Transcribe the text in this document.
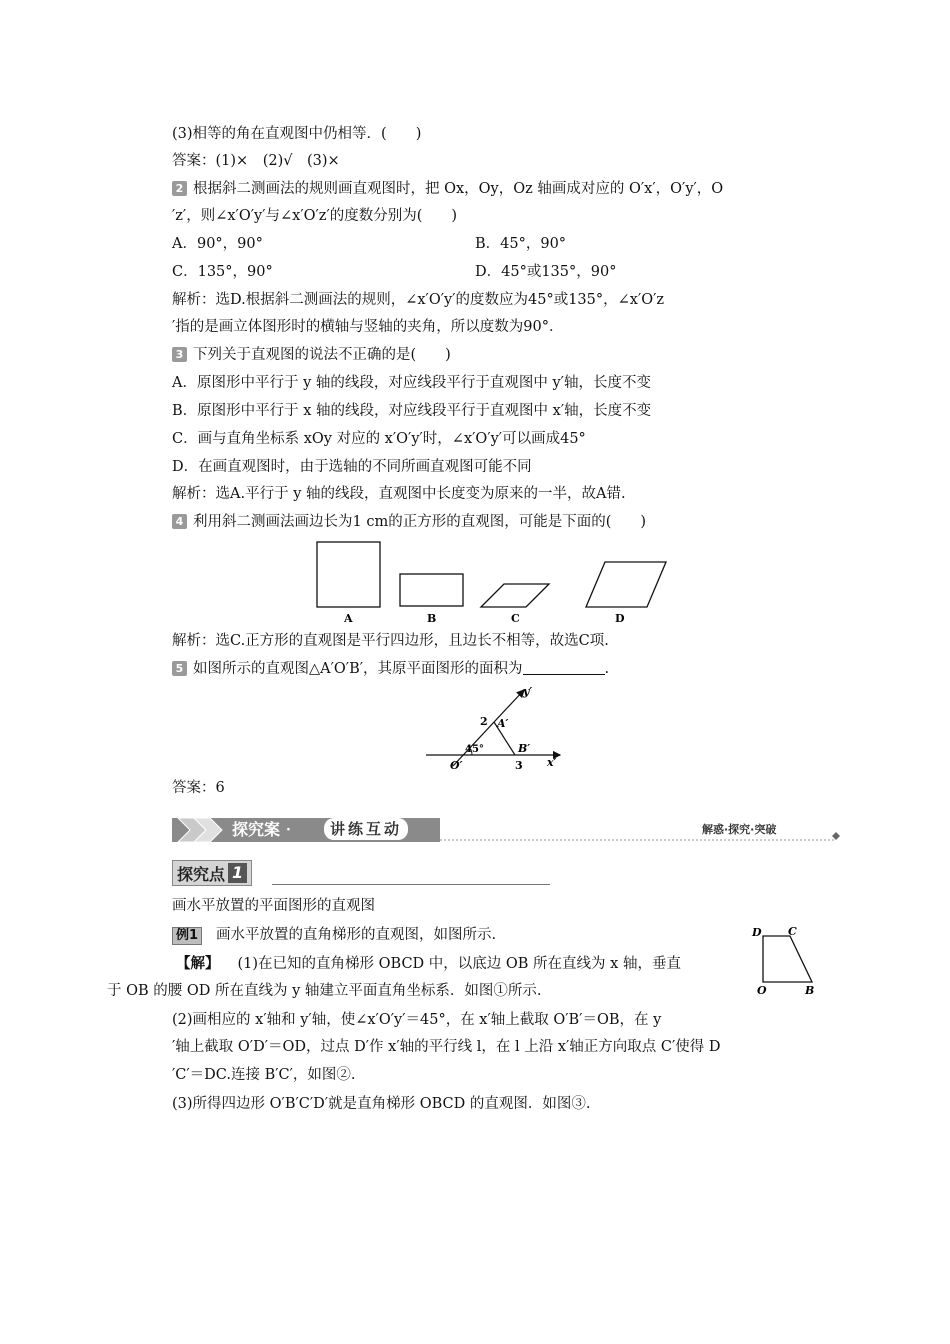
(3)相等的角在直观图中仍相等．(　　)
答案：(1)×　(2)√　(3)×
2 根据斜二测画法的规则画直观图时，把 Ox，Oy，Oz 轴画成对应的 O′x′，O′y′，O
′z′，则∠x′O′y′与∠x′O′z′的度数分别为(　　)
A．90°，90°	B．45°，90°
C．135°，90°	D．45°或135°，90°
解析：选D.根据斜二测画法的规则，∠x′O′y′的度数应为45°或135°，∠x′O′z
′指的是画立体图形时的横轴与竖轴的夹角，所以度数为90°．
3 下列关于直观图的说法不正确的是(　　)
A．原图形中平行于 y 轴的线段，对应线段平行于直观图中 y′轴，长度不变
B．原图形中平行于 x 轴的线段，对应线段平行于直观图中 x′轴，长度不变
C．画与直角坐标系 xOy 对应的 x′O′y′时，∠x′O′y′可以画成45°
D．在画直观图时，由于选轴的不同所画直观图可能不同
解析：选A.平行于 y 轴的线段，直观图中长度变为原来的一半，故A错.
4 利用斜二测画法画边长为1 cm的正方形的直观图，可能是下面的(　　)
A	B	C	D
解析：选C.正方形的直观图是平行四边形，且边长不相等，故选C项.
5 如图所示的直观图△A′O′B′，其原平面图形的面积为	.
y′
x′
A′
B′
O′
2
3
45°
答案：6
探究案 ·	讲练互动	解惑·探究·突破
探究点 1
画水平放置的平面图形的直观图
例1 画水平放置的直角梯形的直观图，如图所示.	D C
O	B
【解】 (1)在已知的直角梯形 OBCD 中，以底边 OB 所在直线为 x 轴，垂直
于 OB 的腰 OD 所在直线为 y 轴建立平面直角坐标系．如图①所示.
(2)画相应的 x′轴和 y′轴，使∠x′O′y′＝45°，在 x′轴上截取 O′B′＝OB，在 y
′轴上截取 O′D′＝OD，过点 D′作 x′轴的平行线 l，在 l 上沿 x′轴正方向取点 C′使得 D
′C′＝DC.连接 B′C′，如图②.
(3)所得四边形 O′B′C′D′就是直角梯形 OBCD 的直观图．如图③.
